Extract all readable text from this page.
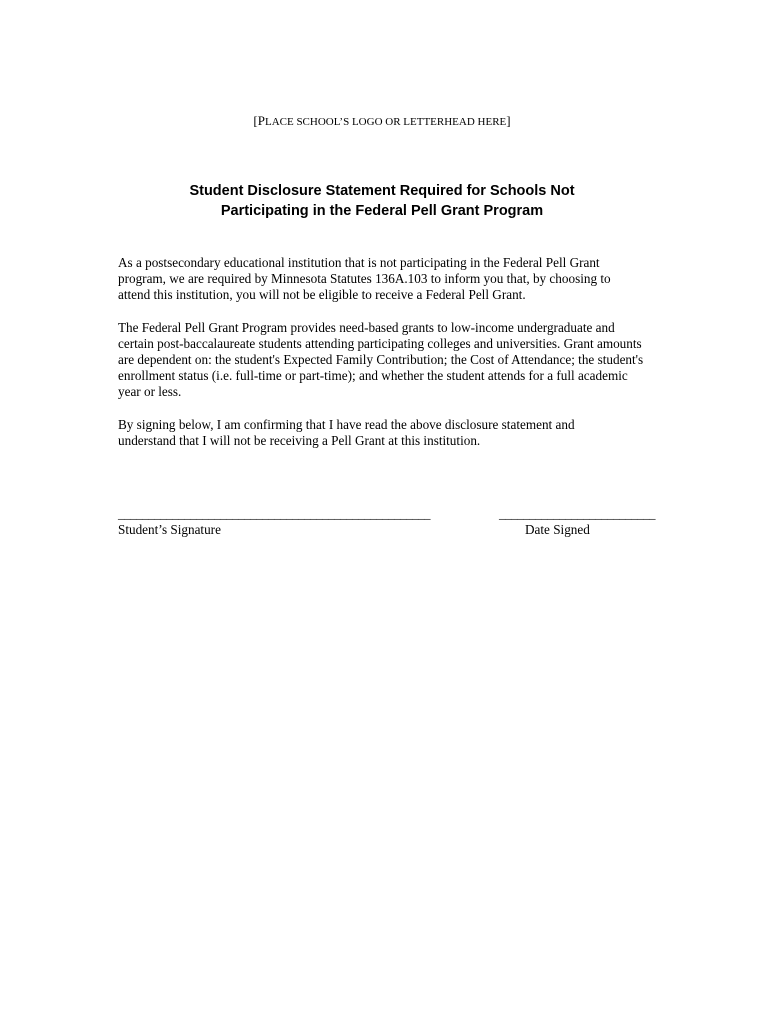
[PLACE SCHOOL’S LOGO OR LETTERHEAD HERE]
Student Disclosure Statement Required for Schools Not
Participating in the Federal Pell Grant Program
As a postsecondary educational institution that is not participating in the Federal Pell Grant
program, we are required by Minnesota Statutes 136A.103 to inform you that, by choosing to
attend this institution, you will not be eligible to receive a Federal Pell Grant.
The Federal Pell Grant Program provides need-based grants to low-income undergraduate and
certain post-baccalaureate students attending participating colleges and universities. Grant amounts
are dependent on: the student's Expected Family Contribution; the Cost of Attendance; the student's
enrollment status (i.e. full-time or part-time); and whether the student attends for a full academic
year or less.
By signing below, I am confirming that I have read the above disclosure statement and
understand that I will not be receiving a Pell Grant at this institution.
____________________________________________________	__________________________
Student’s Signature	Date Signed
